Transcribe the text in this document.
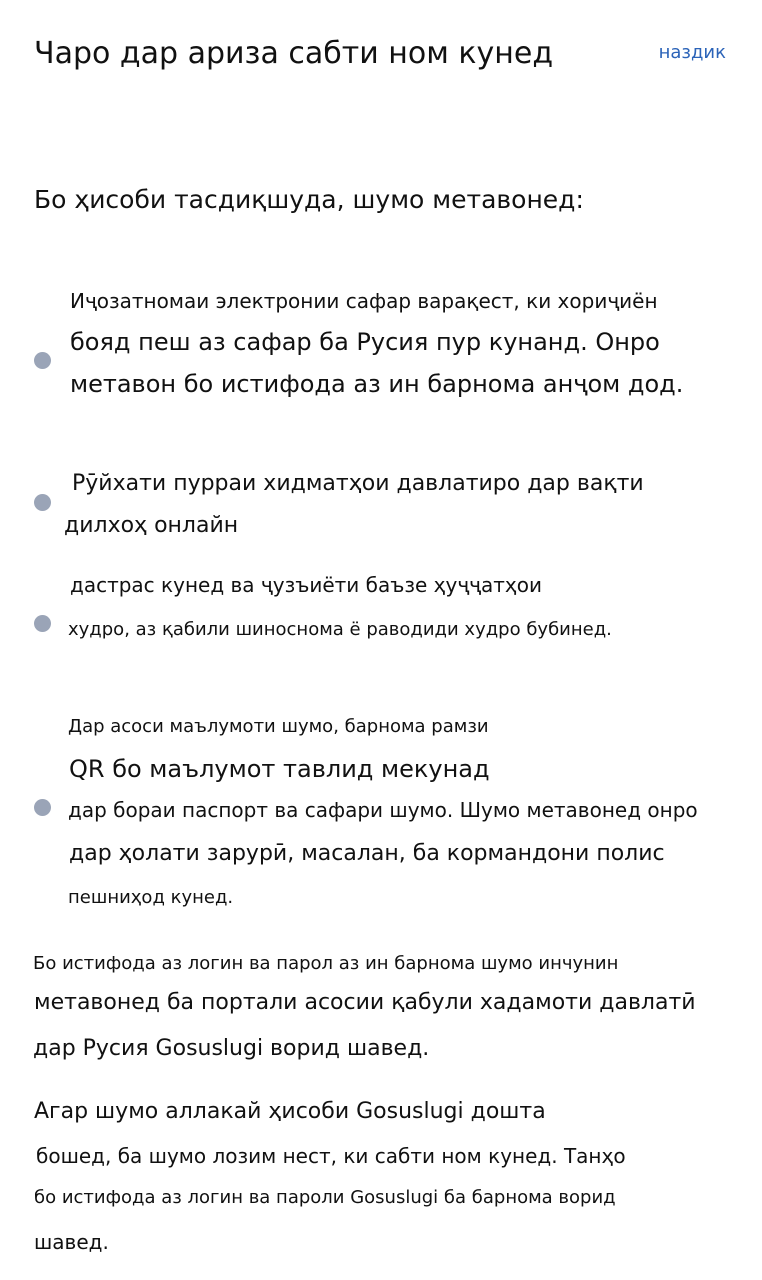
Чаро дар ариза сабти ном кунед	наздик
Бо ҳисоби тасдиқшуда, шумо метавонед:
Иҷозатномаи электронии сафар варақест, ки хориҷиён
бояд пеш аз сафар ба Русия пур кунанд. Онро
метавон бо истифода аз ин барнома анҷом дод.
Рӯйхати пурраи хидматҳои давлатиро дар вақти
дилхоҳ онлайн
дастрас кунед ва ҷузъиёти баъзе ҳуҷҷатҳои
худро, аз қабили шиноснома ё раводиди худро бубинед.
Дар асоси маълумоти шумо, барнома рамзи
QR бо маълумот тавлид мекунад
дар бораи паспорт ва сафари шумо. Шумо метавонед онро
дар ҳолати зарурӣ, масалан, ба кормандони полис
пешниҳод кунед.
Бо истифода аз логин ва парол аз ин барнома шумо инчунин
метавонед ба портали асосии қабули хадамоти давлатӣ
дар Русия Gosuslugi ворид шавед.
Агар шумо аллакай ҳисоби Gosuslugi дошта
бошед, ба шумо лозим нест, ки сабти ном кунед. Танҳо
бо истифода аз логин ва пароли Gosuslugi ба барнома ворид
шавед.
